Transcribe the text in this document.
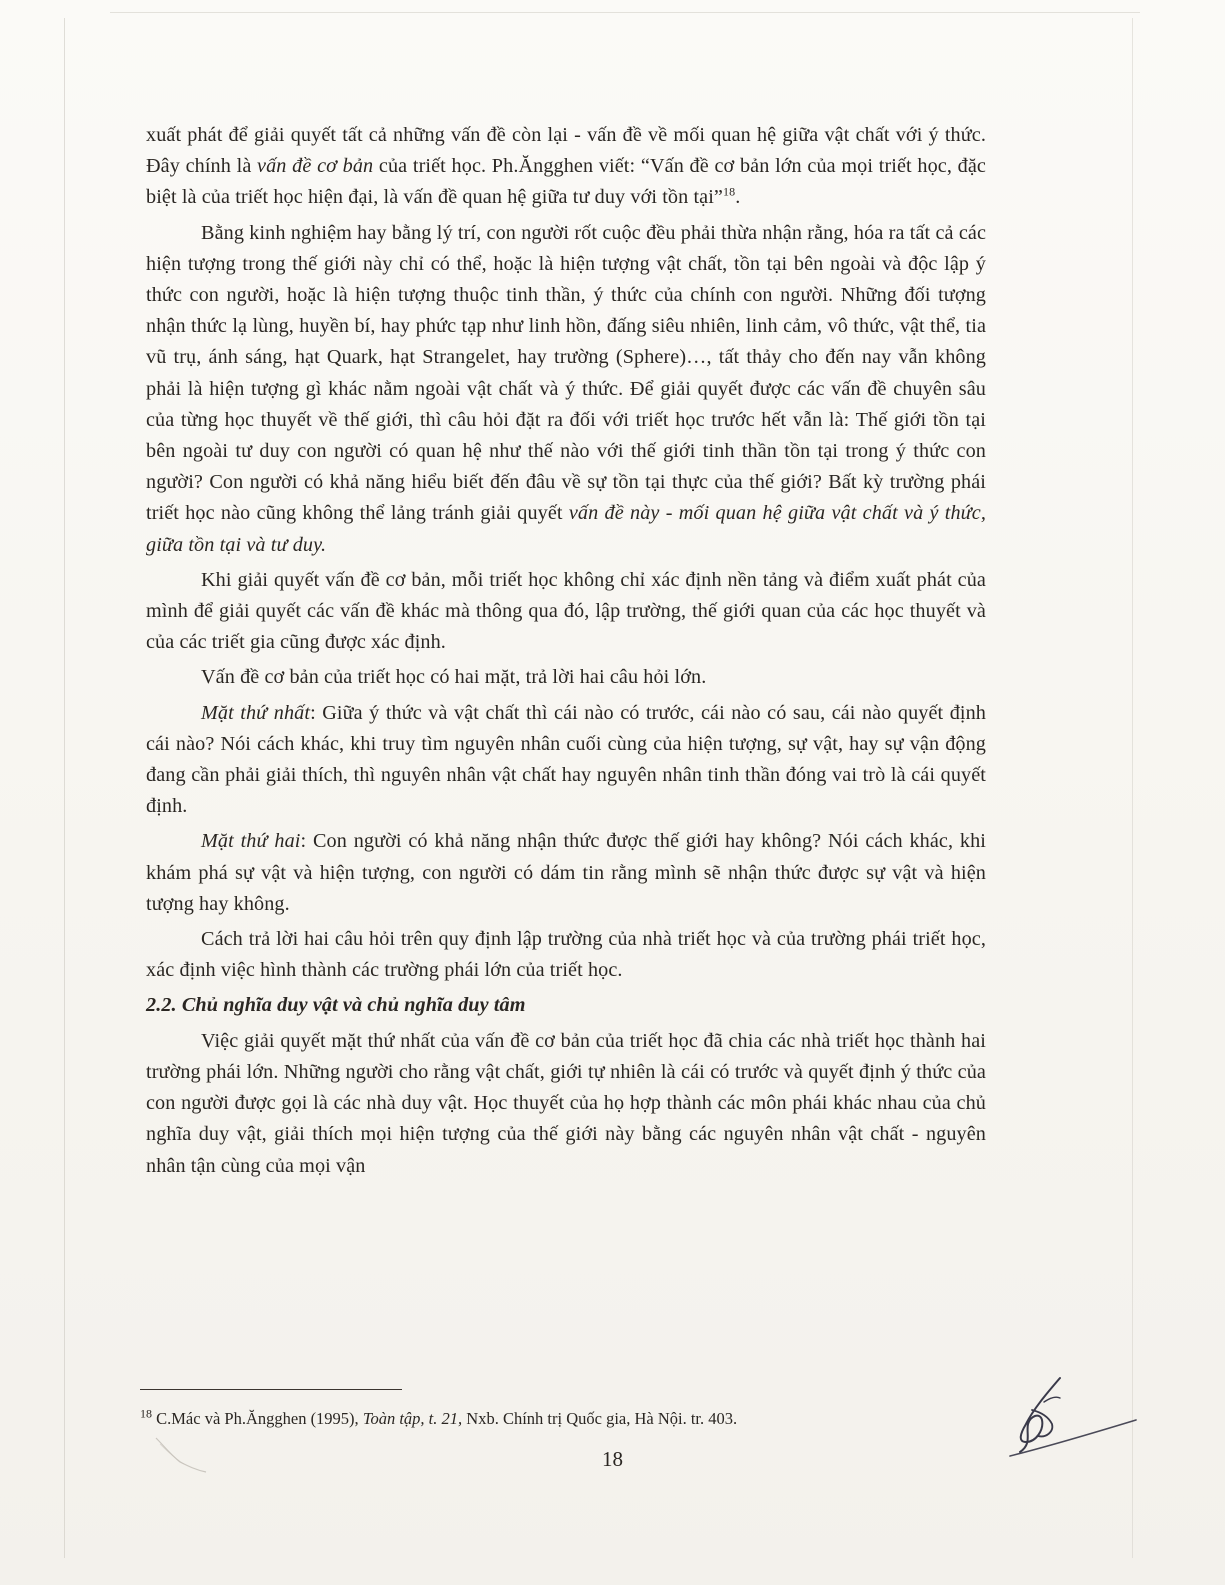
xuất phát để giải quyết tất cả những vấn đề còn lại - vấn đề về mối quan hệ giữa vật chất với ý thức. Đây chính là vấn đề cơ bản của triết học. Ph.Ăngghen viết: “Vấn đề cơ bản lớn của mọi triết học, đặc biệt là của triết học hiện đại, là vấn đề quan hệ giữa tư duy với tồn tại”$^{18}$.

Bằng kinh nghiệm hay bằng lý trí, con người rốt cuộc đều phải thừa nhận rằng, hóa ra tất cả các hiện tượng trong thế giới này chỉ có thể, hoặc là hiện tượng vật chất, tồn tại bên ngoài và độc lập ý thức con người, hoặc là hiện tượng thuộc tinh thần, ý thức của chính con người. Những đối tượng nhận thức lạ lùng, huyền bí, hay phức tạp như linh hồn, đấng siêu nhiên, linh cảm, vô thức, vật thể, tia vũ trụ, ánh sáng, hạt Quark, hạt Strangelet, hay trường (Sphere)…, tất thảy cho đến nay vẫn không phải là hiện tượng gì khác nằm ngoài vật chất và ý thức. Để giải quyết được các vấn đề chuyên sâu của từng học thuyết về thế giới, thì câu hỏi đặt ra đối với triết học trước hết vẫn là: Thế giới tồn tại bên ngoài tư duy con người có quan hệ như thế nào với thế giới tinh thần tồn tại trong ý thức con người? Con người có khả năng hiểu biết đến đâu về sự tồn tại thực của thế giới? Bất kỳ trường phái triết học nào cũng không thể lảng tránh giải quyết vấn đề này - mối quan hệ giữa vật chất và ý thức, giữa tồn tại và tư duy.

Khi giải quyết vấn đề cơ bản, mỗi triết học không chỉ xác định nền tảng và điểm xuất phát của mình để giải quyết các vấn đề khác mà thông qua đó, lập trường, thế giới quan của các học thuyết và của các triết gia cũng được xác định.

Vấn đề cơ bản của triết học có hai mặt, trả lời hai câu hỏi lớn.

Mặt thứ nhất: Giữa ý thức và vật chất thì cái nào có trước, cái nào có sau, cái nào quyết định cái nào? Nói cách khác, khi truy tìm nguyên nhân cuối cùng của hiện tượng, sự vật, hay sự vận động đang cần phải giải thích, thì nguyên nhân vật chất hay nguyên nhân tinh thần đóng vai trò là cái quyết định.

Mặt thứ hai: Con người có khả năng nhận thức được thế giới hay không? Nói cách khác, khi khám phá sự vật và hiện tượng, con người có dám tin rằng mình sẽ nhận thức được sự vật và hiện tượng hay không.

Cách trả lời hai câu hỏi trên quy định lập trường của nhà triết học và của trường phái triết học, xác định việc hình thành các trường phái lớn của triết học.

2.2. Chủ nghĩa duy vật và chủ nghĩa duy tâm

Việc giải quyết mặt thứ nhất của vấn đề cơ bản của triết học đã chia các nhà triết học thành hai trường phái lớn. Những người cho rằng vật chất, giới tự nhiên là cái có trước và quyết định ý thức của con người được gọi là các nhà duy vật. Học thuyết của họ hợp thành các môn phái khác nhau của chủ nghĩa duy vật, giải thích mọi hiện tượng của thế giới này bằng các nguyên nhân vật chất - nguyên nhân tận cùng của mọi vận

$^{18}$ C.Mác và Ph.Ăngghen (1995), Toàn tập, t. 21, Nxb. Chính trị Quốc gia, Hà Nội. tr. 403.
18
